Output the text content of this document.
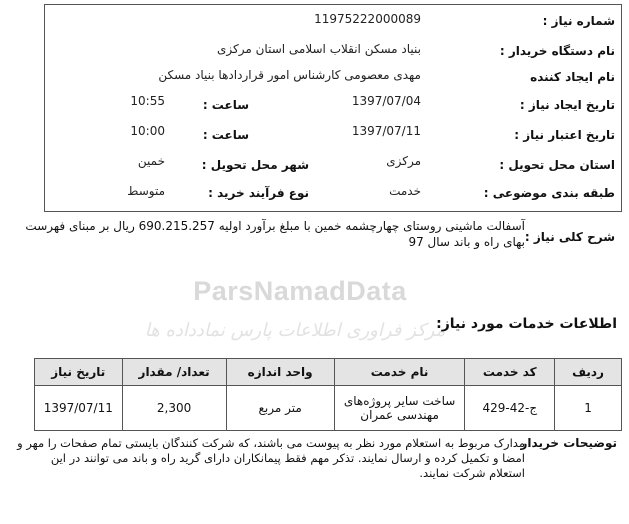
ParsNamadData
مرکز فراوری اطلاعات پارس نمادداده ها
شماره نیاز :
11975222000089
نام دستگاه خریدار :
بنیاد مسکن انقلاب اسلامی استان مرکزی
نام ایجاد کننده
مهدی معصومی کارشناس امور قراردادها بنیاد مسکن
تاریخ ایجاد نیاز :
1397/07/04
ساعت :
10:55
تاریخ اعتبار نیاز :
1397/07/11
ساعت :
10:00
استان محل تحویل :
مرکزی
شهر محل تحویل :
خمین
طبقه بندی موضوعی :
خدمت
نوع فرآیند خرید :
متوسط
شرح کلی نیاز :
آسفالت ماشینی روستای چهارچشمه خمین با مبلغ برآورد اولیه 690.215.257 ریال بر مبنای فهرست بهای راه و باند سال 97
اطلاعات خدمات مورد نیاز:
ردیف	کد خدمت	نام خدمت	واحد اندازه	تعداد/ مقدار	تاریخ نیاز
1	ج-42-429	ساخت سایر پروژه‌های مهندسی عمران	متر مربع	2,300	1397/07/11
توضیحات خریدار
مدارک مربوط به استعلام مورد نظر به پیوست می باشند، که شرکت کنندگان بایستی تمام صفحات را مهر و امضا و تکمیل کرده و ارسال نمایند. تذکر مهم فقط پیمانکاران دارای گرید راه و باند می توانند در این استعلام شرکت نمایند.
